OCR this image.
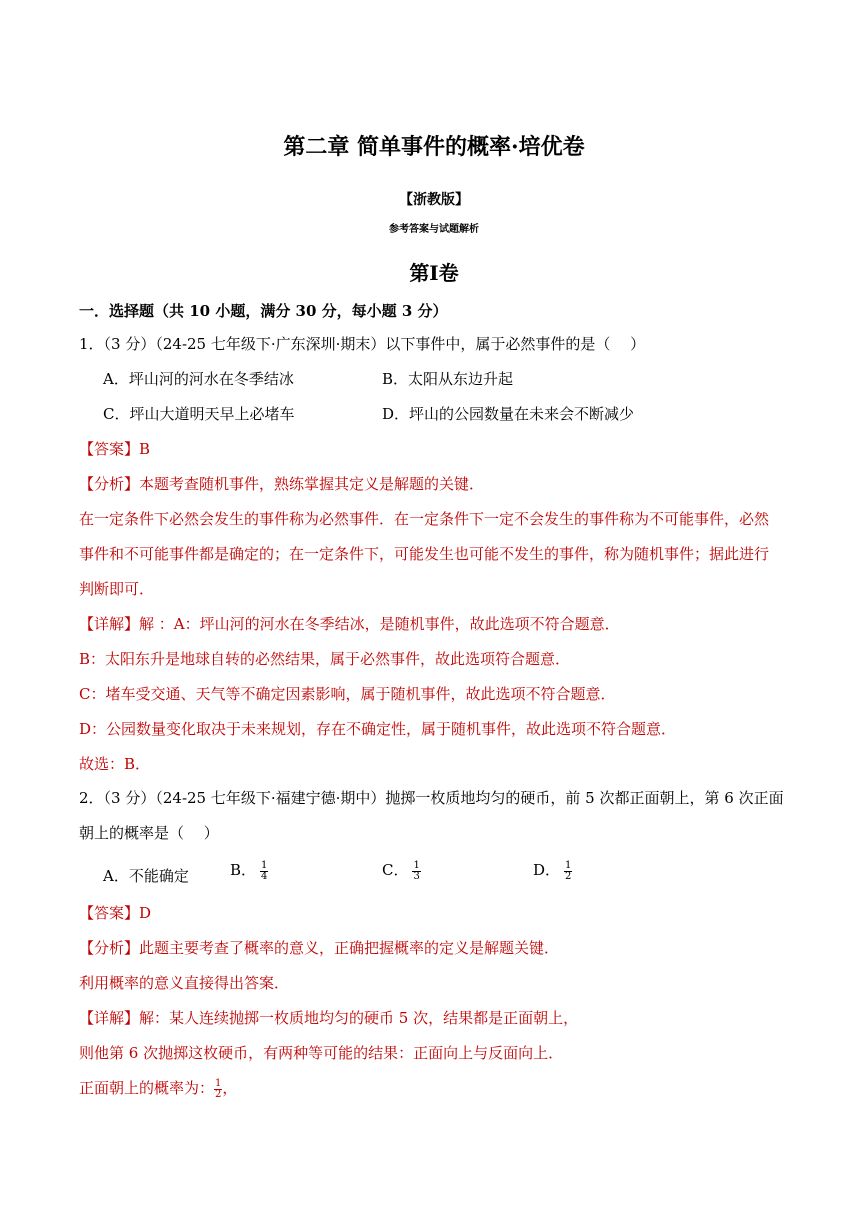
第二章 简单事件的概率·培优卷
【浙教版】
参考答案与试题解析
第Ⅰ卷
一．选择题（共 10 小题，满分 30 分，每小题 3 分）
1．（3 分）（24-25 七年级下·广东深圳·期末）以下事件中，属于必然事件的是（　 ）
A．坪山河的河水在冬季结冰	B．太阳从东边升起
C．坪山大道明天早上必堵车	D．坪山的公园数量在未来会不断减少
【答案】B
【分析】本题考查随机事件，熟练掌握其定义是解题的关键．
在一定条件下必然会发生的事件称为必然事件．在一定条件下一定不会发生的事件称为不可能事件，必然
事件和不可能事件都是确定的；在一定条件下，可能发生也可能不发生的事件，称为随机事件；据此进行
判断即可．
【详解】解 ：A：坪山河的河水在冬季结冰，是随机事件，故此选项不符合题意．
B：太阳东升是地球自转的必然结果，属于必然事件，故此选项符合题意．
C：堵车受交通、天气等不确定因素影响，属于随机事件，故此选项不符合题意．
D：公园数量变化取决于未来规划，存在不确定性，属于随机事件，故此选项不符合题意．
故选：B．
2．（3 分）（24-25 七年级下·福建宁德·期中）抛掷一枚质地均匀的硬币，前 5 次都正面朝上，第 6 次正面
朝上的概率是（　 ）
A．不能确定	B． $\frac{1}{4}$	C． $\frac{1}{3}$	D． $\frac{1}{2}$
【答案】D
【分析】此题主要考查了概率的意义，正确把握概率的定义是解题关键．
利用概率的意义直接得出答案．
【详解】解：某人连续抛掷一枚质地均匀的硬币 5 次，结果都是正面朝上，
则他第 6 次抛掷这枚硬币，有两种等可能的结果：正面向上与反面向上．
正面朝上的概率为： $\frac{1}{2}$ ，
